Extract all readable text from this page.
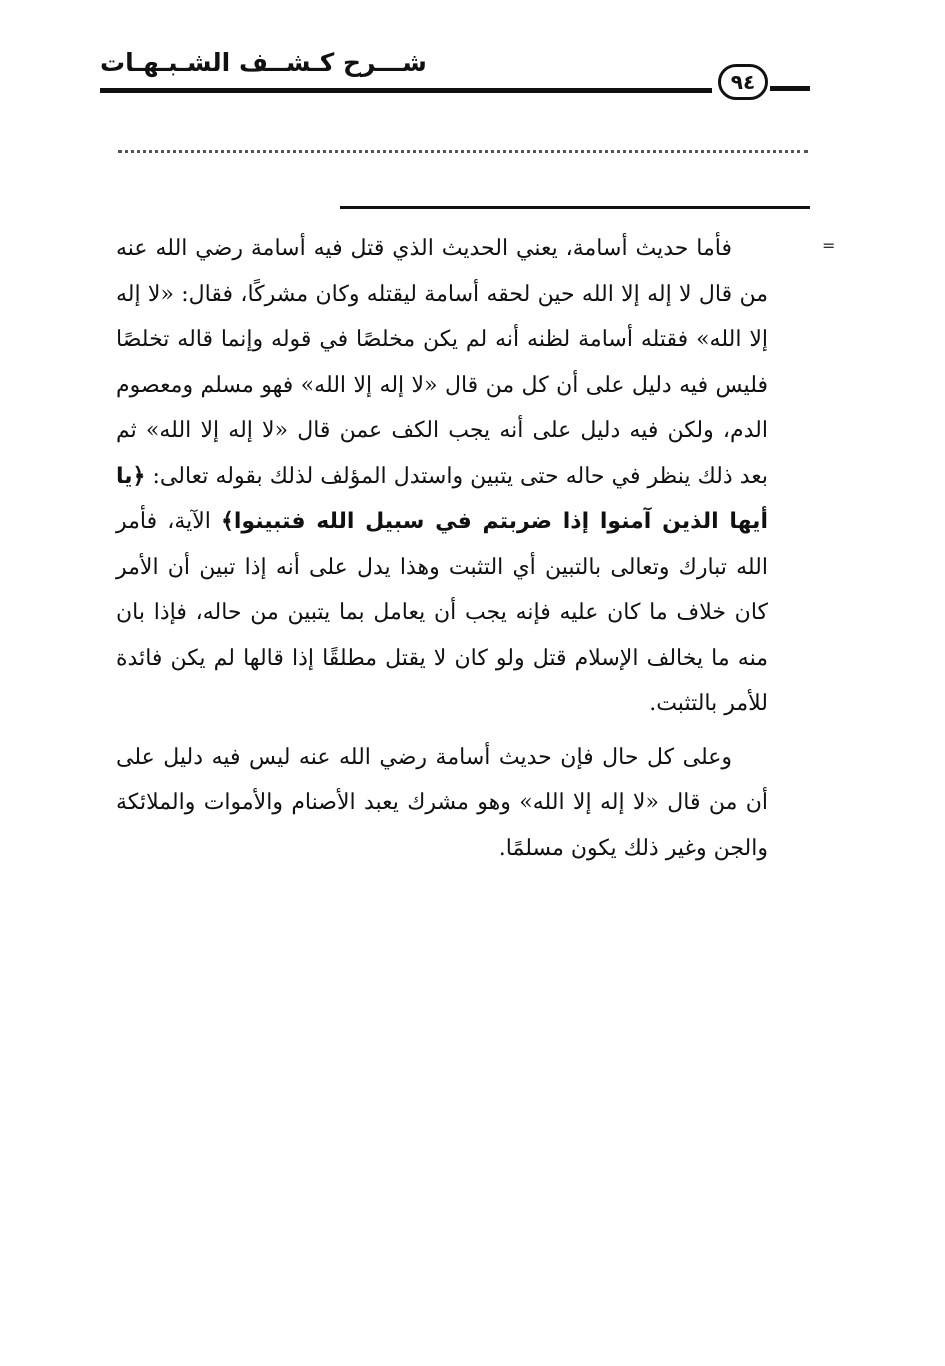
شـــرح كـشــف الشـبـهـات
٩٤
=

فأما حديث أسامة، يعني الحديث الذي قتل فيه أسامة رضي الله عنه من قال لا إله إلا الله حين لحقه أسامة ليقتله وكان مشركًا، فقال: «لا إله إلا الله» فقتله أسامة لظنه أنه لم يكن مخلصًا في قوله وإنما قاله تخلصًا فليس فيه دليل على أن كل من قال «لا إله إلا الله» فهو مسلم ومعصوم الدم، ولكن فيه دليل على أنه يجب الكف عمن قال «لا إله إلا الله» ثم بعد ذلك ينظر في حاله حتى يتبين واستدل المؤلف لذلك بقوله تعالى: ﴿يا أيها الذين آمنوا إذا ضربتم في سبيل الله فتبينوا﴾ الآية، فأمر الله تبارك وتعالى بالتبين أي التثبت وهذا يدل على أنه إذا تبين أن الأمر كان خلاف ما كان عليه فإنه يجب أن يعامل بما يتبين من حاله، فإذا بان منه ما يخالف الإسلام قتل ولو كان لا يقتل مطلقًا إذا قالها لم يكن فائدة للأمر بالتثبت.

وعلى كل حال فإن حديث أسامة رضي الله عنه ليس فيه دليل على أن من قال «لا إله إلا الله» وهو مشرك يعبد الأصنام والأموات والملائكة والجن وغير ذلك يكون مسلمًا.
